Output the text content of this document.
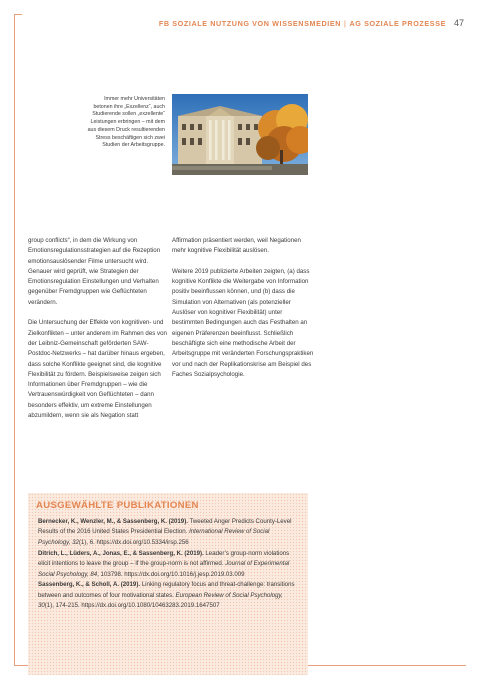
FB SOZIALE NUTZUNG VON WISSENSMEDIEN | AG SOZIALE PROZESSE 47
Immer mehr Universitäten
betonen ihre „Exzellenz“, auch
Studierende sollen „exzellente“
Leistungen erbringen – mit dem
aus diesem Druck resultierenden
Stress beschäftigen sich zwei
Studien der Arbeitsgruppe.

group conflicts“, in dem die Wirkung von Emotionsregulationsstrategien auf die Rezeption emotionsauslösender Filme untersucht wird. Genauer wird geprüft, wie Strategien der Emotionsregulation Einstellungen und Verhalten gegenüber Fremdgruppen wie Geflüchteten verändern.

Die Untersuchung der Effekte von kognitiven- und Zielkonflikten – unter anderem im Rahmen des von der Leibniz-Gemeinschaft geförderten SAW-Postdoc-Netzwerks – hat darüber hinaus ergeben, dass solche Konflikte geeignet sind, die kognitive Flexibilität zu fördern. Beispielsweise zeigen sich Informationen über Fremdgruppen – wie die Vertrauenswürdigkeit von Geflüchteten – dann besonders effektiv, um extreme Einstellungen abzumildern, wenn sie als Negation statt

Affirmation präsentiert werden, weil Negationen mehr kognitive Flexibilität auslösen.

Weitere 2019 publizierte Arbeiten zeigten, (a) dass kognitive Konflikte die Weitergabe von Information positiv beeinflussen können, und (b) dass die Simulation von Alternativen (als potenzieller Auslöser von kognitiver Flexibilität) unter bestimmten Bedingungen auch das Festhalten an eigenen Präferenzen beeinflusst. Schließlich beschäftigte sich eine methodische Arbeit der Arbeitsgruppe mit veränderten Forschungspraktiken vor und nach der Replikationskrise am Beispiel des Faches Sozialpsychologie.

AUSGEWÄHLTE PUBLIKATIONEN
Bernecker, K., Wenzler, M., & Sassenberg, K. (2019). Tweeted Anger Predicts County-Level Results of the 2016 United States Presidential Election. International Review of Social Psychology, 32(1), 6. https://dx.doi.org/10.5334/irsp.256
Ditrich, L., Lüders, A., Jonas, E., & Sassenberg, K. (2019). Leader’s group-norm violations elicit intentions to leave the group – If the group-norm is not affirmed. Journal of Experimental Social Psychology, 84, 103798. https://dx.doi.org/10.1016/j.jesp.2019.03.009
Sassenberg, K., & Scholl, A. (2019). Linking regulatory focus and threat-challenge: transitions between and outcomes of four motivational states. European Review of Social Psychology, 30(1), 174-215. https://dx.doi.org/10.1080/10463283.2019.1647507
